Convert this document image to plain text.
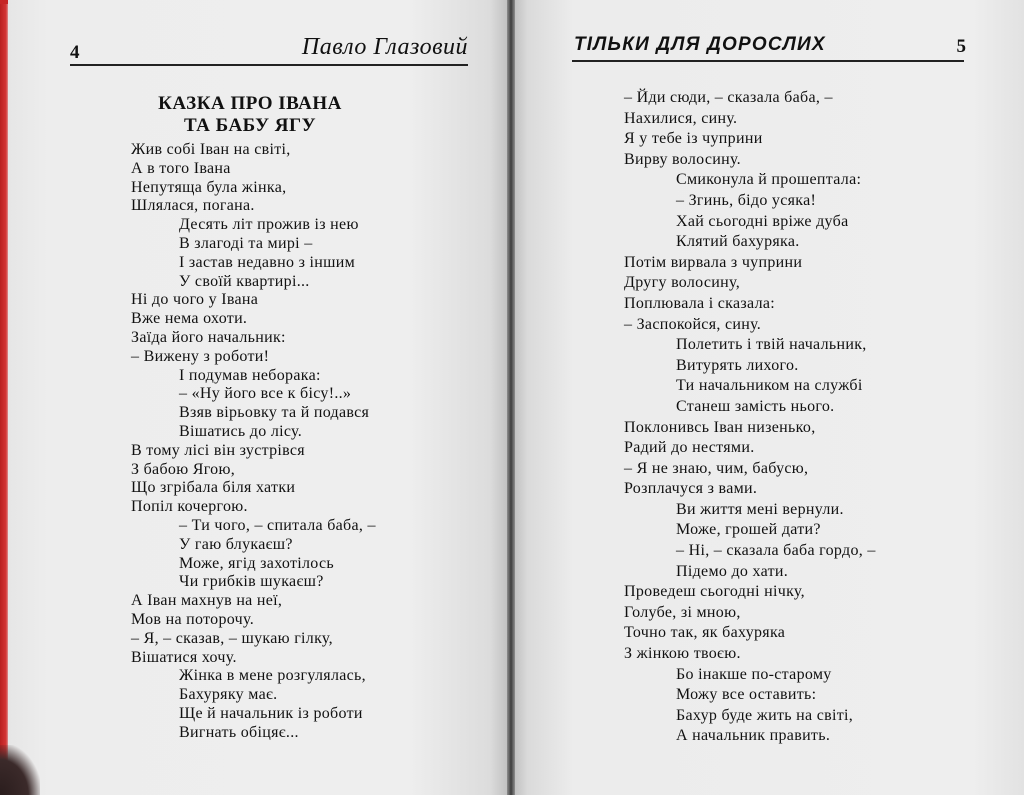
4	Павло Глазовий
КАЗКА ПРО ІВАНА
ТА БАБУ ЯГУ
Жив собі Іван на світі,
А в того Івана
Непутяща була жінка,
Шлялася, погана.
Десять літ прожив із нею
В злагоді та мирі –
І застав недавно з іншим
У своїй квартирі...
Ні до чого у Івана
Вже нема охоти.
Заїда його начальник:
– Вижену з роботи!
І подумав неборака:
– «Ну його все к бісу!..»
Взяв вірьовку та й подався
Вішатись до лісу.
В тому лісі він зустрівся
З бабою Ягою,
Що згрібала біля хатки
Попіл кочергою.
– Ти чого, – спитала баба, –
У гаю блукаєш?
Може, ягід захотілось
Чи грибків шукаєш?
А Іван махнув на неї,
Мов на поторочу.
– Я, – сказав, – шукаю гілку,
Вішатися хочу.
Жінка в мене розгулялась,
Бахуряку має.
Ще й начальник із роботи
Вигнать обіцяє...
ТІЛЬКИ ДЛЯ ДОРОСЛИХ	5
– Йди сюди, – сказала баба, –
Нахилися, сину.
Я у тебе із чуприни
Вирву волосину.
Смиконула й прошептала:
– Згинь, бідо усяка!
Хай сьогодні вріже дуба
Клятий бахуряка.
Потім вирвала з чуприни
Другу волосину,
Поплювала і сказала:
– Заспокойся, сину.
Полетить і твій начальник,
Витурять лихого.
Ти начальником на службі
Станеш замість нього.
Поклонивсь Іван низенько,
Радий до нестями.
– Я не знаю, чим, бабусю,
Розплачуся з вами.
Ви життя мені вернули.
Може, грошей дати?
– Ні, – сказала баба гордо, –
Підемо до хати.
Проведеш сьогодні нічку,
Голубе, зі мною,
Точно так, як бахуряка
З жінкою твоєю.
Бо інакше по-старому
Можу все оставить:
Бахур буде жить на світі,
А начальник править.
